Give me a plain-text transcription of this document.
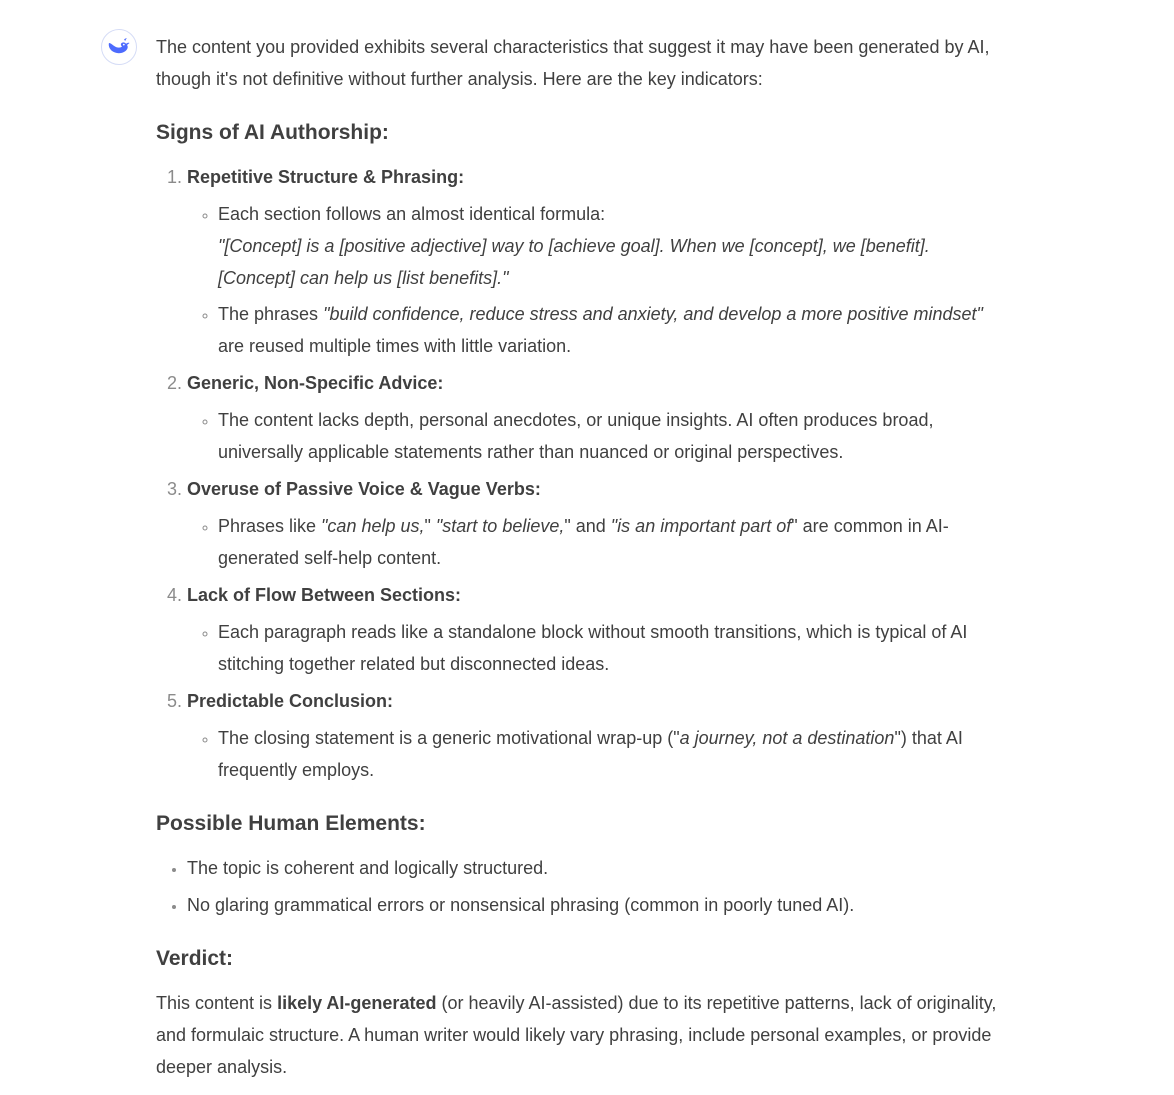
The content you provided exhibits several characteristics that suggest it may have been generated by AI, though it's not definitive without further analysis. Here are the key indicators:

Signs of AI Authorship:
1. Repetitive Structure & Phrasing:
◦ Each section follows an almost identical formula:
"[Concept] is a [positive adjective] way to [achieve goal]. When we [concept], we [benefit]. [Concept] can help us [list benefits]."
◦ The phrases "build confidence, reduce stress and anxiety, and develop a more positive mindset" are reused multiple times with little variation.
2. Generic, Non-Specific Advice:
◦ The content lacks depth, personal anecdotes, or unique insights. AI often produces broad, universally applicable statements rather than nuanced or original perspectives.
3. Overuse of Passive Voice & Vague Verbs:
◦ Phrases like "can help us," "start to believe," and "is an important part of" are common in AI-generated self-help content.
4. Lack of Flow Between Sections:
◦ Each paragraph reads like a standalone block without smooth transitions, which is typical of AI stitching together related but disconnected ideas.
5. Predictable Conclusion:
◦ The closing statement is a generic motivational wrap-up ("a journey, not a destination") that AI frequently employs.
Possible Human Elements:
• The topic is coherent and logically structured.
• No glaring grammatical errors or nonsensical phrasing (common in poorly tuned AI).
Verdict:

This content is likely AI-generated (or heavily AI-assisted) due to its repetitive patterns, lack of originality, and formulaic structure. A human writer would likely vary phrasing, include personal examples, or provide deeper analysis.
